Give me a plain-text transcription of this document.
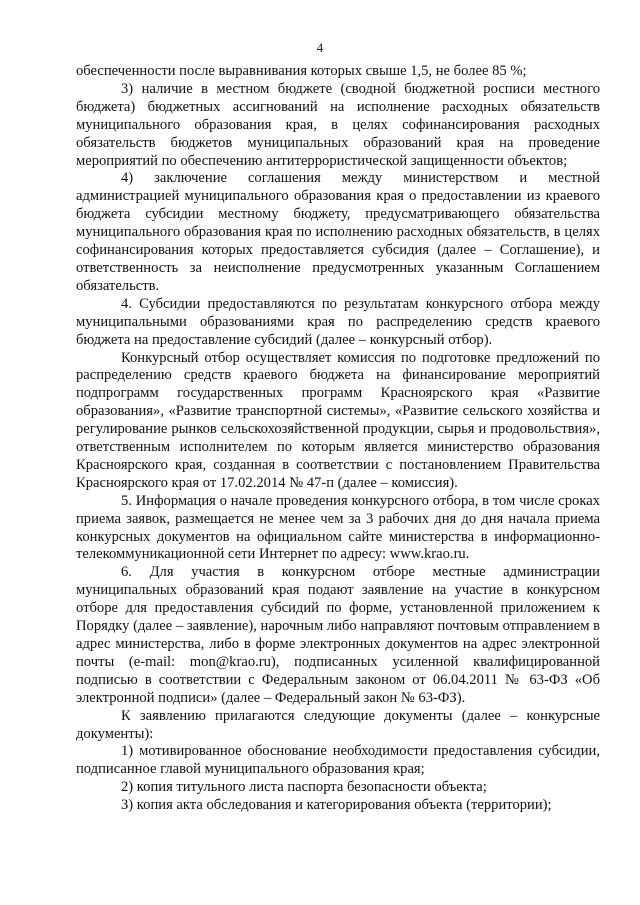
4

обеспеченности после выравнивания которых свыше 1,5, не более 85 %;

3) наличие в местном бюджете (сводной бюджетной росписи местного бюджета) бюджетных ассигнований на исполнение расходных обязательств муниципального образования края, в целях софинансирования расходных обязательств бюджетов муниципальных образований края на проведение мероприятий по обеспечению антитеррористической защищенности объектов;

4) заключение соглашения между министерством и местной администрацией муниципального образования края о предоставлении из краевого бюджета субсидии местному бюджету, предусматривающего обязательства муниципального образования края по исполнению расходных обязательств, в целях софинансирования которых предоставляется субсидия (далее – Соглашение), и ответственность за неисполнение предусмотренных указанным Соглашением обязательств.

4. Субсидии предоставляются по результатам конкурсного отбора между муниципальными образованиями края по распределению средств краевого бюджета на предоставление субсидий (далее – конкурсный отбор).

Конкурсный отбор осуществляет комиссия по подготовке предложений по распределению средств краевого бюджета на финансирование мероприятий подпрограмм государственных программ Красноярского края «Развитие образования», «Развитие транспортной системы», «Развитие сельского хозяйства и регулирование рынков сельскохозяйственной продукции, сырья и продовольствия», ответственным исполнителем по которым является министерство образования Красноярского края, созданная в соответствии с постановлением Правительства Красноярского края от 17.02.2014 № 47-п (далее – комиссия).

5. Информация о начале проведения конкурсного отбора, в том числе сроках приема заявок, размещается не менее чем за 3 рабочих дня до дня начала приема конкурсных документов на официальном сайте министерства в информационно-телекоммуникационной сети Интернет по адресу: www.krao.ru.

6. Для участия в конкурсном отборе местные администрации муниципальных образований края подают заявление на участие в конкурсном отборе для предоставления субсидий по форме, установленной приложением к Порядку (далее – заявление), нарочным либо направляют почтовым отправлением в адрес министерства, либо в форме электронных документов на адрес электронной почты (e-mail: mon@krao.ru), подписанных усиленной квалифицированной подписью в соответствии с Федеральным законом от 06.04.2011 № 63-ФЗ «Об электронной подписи» (далее – Федеральный закон № 63-ФЗ).

К заявлению прилагаются следующие документы (далее – конкурсные документы):

1) мотивированное обоснование необходимости предоставления субсидии, подписанное главой муниципального образования края;

2) копия титульного листа паспорта безопасности объекта;

3) копия акта обследования и категорирования объекта (территории);
